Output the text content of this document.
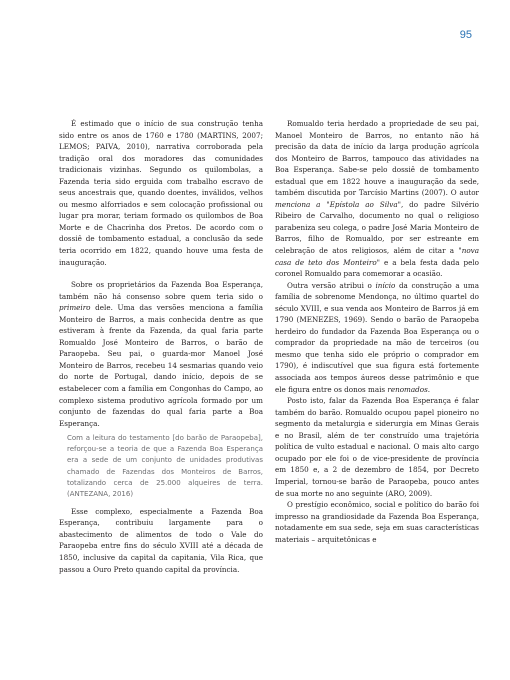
95

É estimado que o início de sua construção tenha sido entre os anos de 1760 e 1780 (MARTINS, 2007; LEMOS; PAIVA, 2010), narrativa corroborada pela tradição oral dos moradores das comunidades tradicionais vizinhas. Segundo os quilombolas, a Fazenda teria sido erguida com trabalho escravo de seus ancestrais que, quando doentes, inválidos, velhos ou mesmo alforriados e sem colocação profissional ou lugar pra morar, teriam formado os quilombos de Boa Morte e de Chacrinha dos Pretos. De acordo com o dossiê de tombamento estadual, a conclusão da sede teria ocorrido em 1822, quando houve uma festa de inauguração.

Sobre os proprietários da Fazenda Boa Esperança, também não há consenso sobre quem teria sido o primeiro dele. Uma das versões menciona a família Monteiro de Barros, a mais conhecida dentre as que estiveram à frente da Fazenda, da qual faria parte Romualdo José Monteiro de Barros, o barão de Paraopeba. Seu pai, o guarda-mor Manoel José Monteiro de Barros, recebeu 14 sesmarias quando veio do norte de Portugal, dando início, depois de se estabelecer com a família em Congonhas do Campo, ao complexo sistema produtivo agrícola formado por um conjunto de fazendas do qual faria parte a Boa Esperança.

Com a leitura do testamento [do barão de Paraopeba], reforçou-se a teoria de que a Fazenda Boa Esperança era a sede de um conjunto de unidades produtivas chamado de Fazendas dos Monteiros de Barros, totalizando cerca de 25.000 alqueires de terra. (ANTEZANA, 2016)

Esse complexo, especialmente a Fazenda Boa Esperança, contribuiu largamente para o abastecimento de alimentos de todo o Vale do Paraopeba entre fins do século XVIII até a década de 1850, inclusive da capital da capitania, Vila Rica, que passou a Ouro Preto quando capital da província.

Romualdo teria herdado a propriedade de seu pai, Manoel Monteiro de Barros, no entanto não há precisão da data de início da larga produção agrícola dos Monteiro de Barros, tampouco das atividades na Boa Esperança. Sabe-se pelo dossiê de tombamento estadual que em 1822 houve a inauguração da sede, também discutida por Tarcísio Martins (2007). O autor menciona a "Epístola ao Silva", do padre Silvério Ribeiro de Carvalho, documento no qual o religioso parabeniza seu colega, o padre José Maria Monteiro de Barros, filho de Romualdo, por ser estreante em celebração de atos religiosos, além de citar a "nova casa de teto dos Monteiro" e a bela festa dada pelo coronel Romualdo para comemorar a ocasião.

Outra versão atribui o início da construção a uma família de sobrenome Mendonça, no último quartel do século XVIII, e sua venda aos Monteiro de Barros já em 1790 (MENEZES, 1969). Sendo o barão de Paraopeba herdeiro do fundador da Fazenda Boa Esperança ou o comprador da propriedade na mão de terceiros (ou mesmo que tenha sido ele próprio o comprador em 1790), é indiscutível que sua figura está fortemente associada aos tempos áureos desse patrimônio e que ele figura entre os donos mais renomados.

Posto isto, falar da Fazenda Boa Esperança é falar também do barão. Romualdo ocupou papel pioneiro no segmento da metalurgia e siderurgia em Minas Gerais e no Brasil, além de ter construído uma trajetória política de vulto estadual e nacional. O mais alto cargo ocupado por ele foi o de vice-presidente de província em 1850 e, a 2 de dezembro de 1854, por Decreto Imperial, tornou-se barão de Paraopeba, pouco antes de sua morte no ano seguinte (ARO, 2009).

O prestígio econômico, social e político do barão foi impresso na grandiosidade da Fazenda Boa Esperança, notadamente em sua sede, seja em suas características materiais – arquitetônicas e
